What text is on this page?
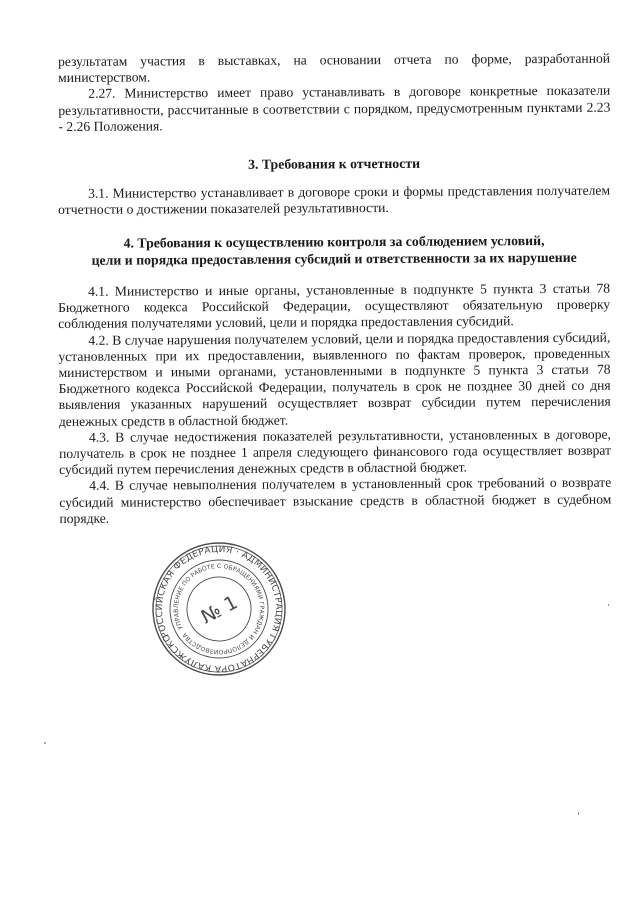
результатам участия в выставках, на основании отчета по форме, разработанной министерством.

2.27. Министерство имеет право устанавливать в договоре конкретные показатели результативности, рассчитанные в соответствии с порядком, предусмотренным пунктами 2.23 - 2.26 Положения.

3. Требования к отчетности

3.1. Министерство устанавливает в договоре сроки и формы представления получателем отчетности о достижении показателей результативности.

4. Требования к осуществлению контроля за соблюдением условий,
цели и порядка предоставления субсидий и ответственности за их нарушение

4.1. Министерство и иные органы, установленные в подпункте 5 пункта 3 статьи 78 Бюджетного кодекса Российской Федерации, осуществляют обязательную проверку соблюдения получателями условий, цели и порядка предоставления субсидий.

4.2. В случае нарушения получателем условий, цели и порядка предоставления субсидий, установленных при их предоставлении, выявленного по фактам проверок, проведенных министерством и иными органами, установленными в подпункте 5 пункта 3 статьи 78 Бюджетного кодекса Российской Федерации, получатель в срок не позднее 30 дней со дня выявления указанных нарушений осуществляет возврат субсидии путем перечисления денежных средств в областной бюджет.

4.3. В случае недостижения показателей результативности, установленных в договоре, получатель в срок не позднее 1 апреля следующего финансового года осуществляет возврат субсидий путем перечисления денежных средств в областной бюджет.

4.4. В случае невыполнения получателем в установленный срок требований о возврате субсидий министерство обеспечивает взыскание средств в областной бюджет в судебном порядке.

РОССИЙСКАЯ ФЕДЕРАЦИЯ · АДМИНИСТРАЦИЯ ГУБЕРНАТОРА КАЛУЖСКОЙ
УПРАВЛЕНИЕ ПО РАБОТЕ С ОБРАЩЕНИЯМИ ГРАЖДАН И ДЕЛОПРОИЗВОДСТВА
№ 1
